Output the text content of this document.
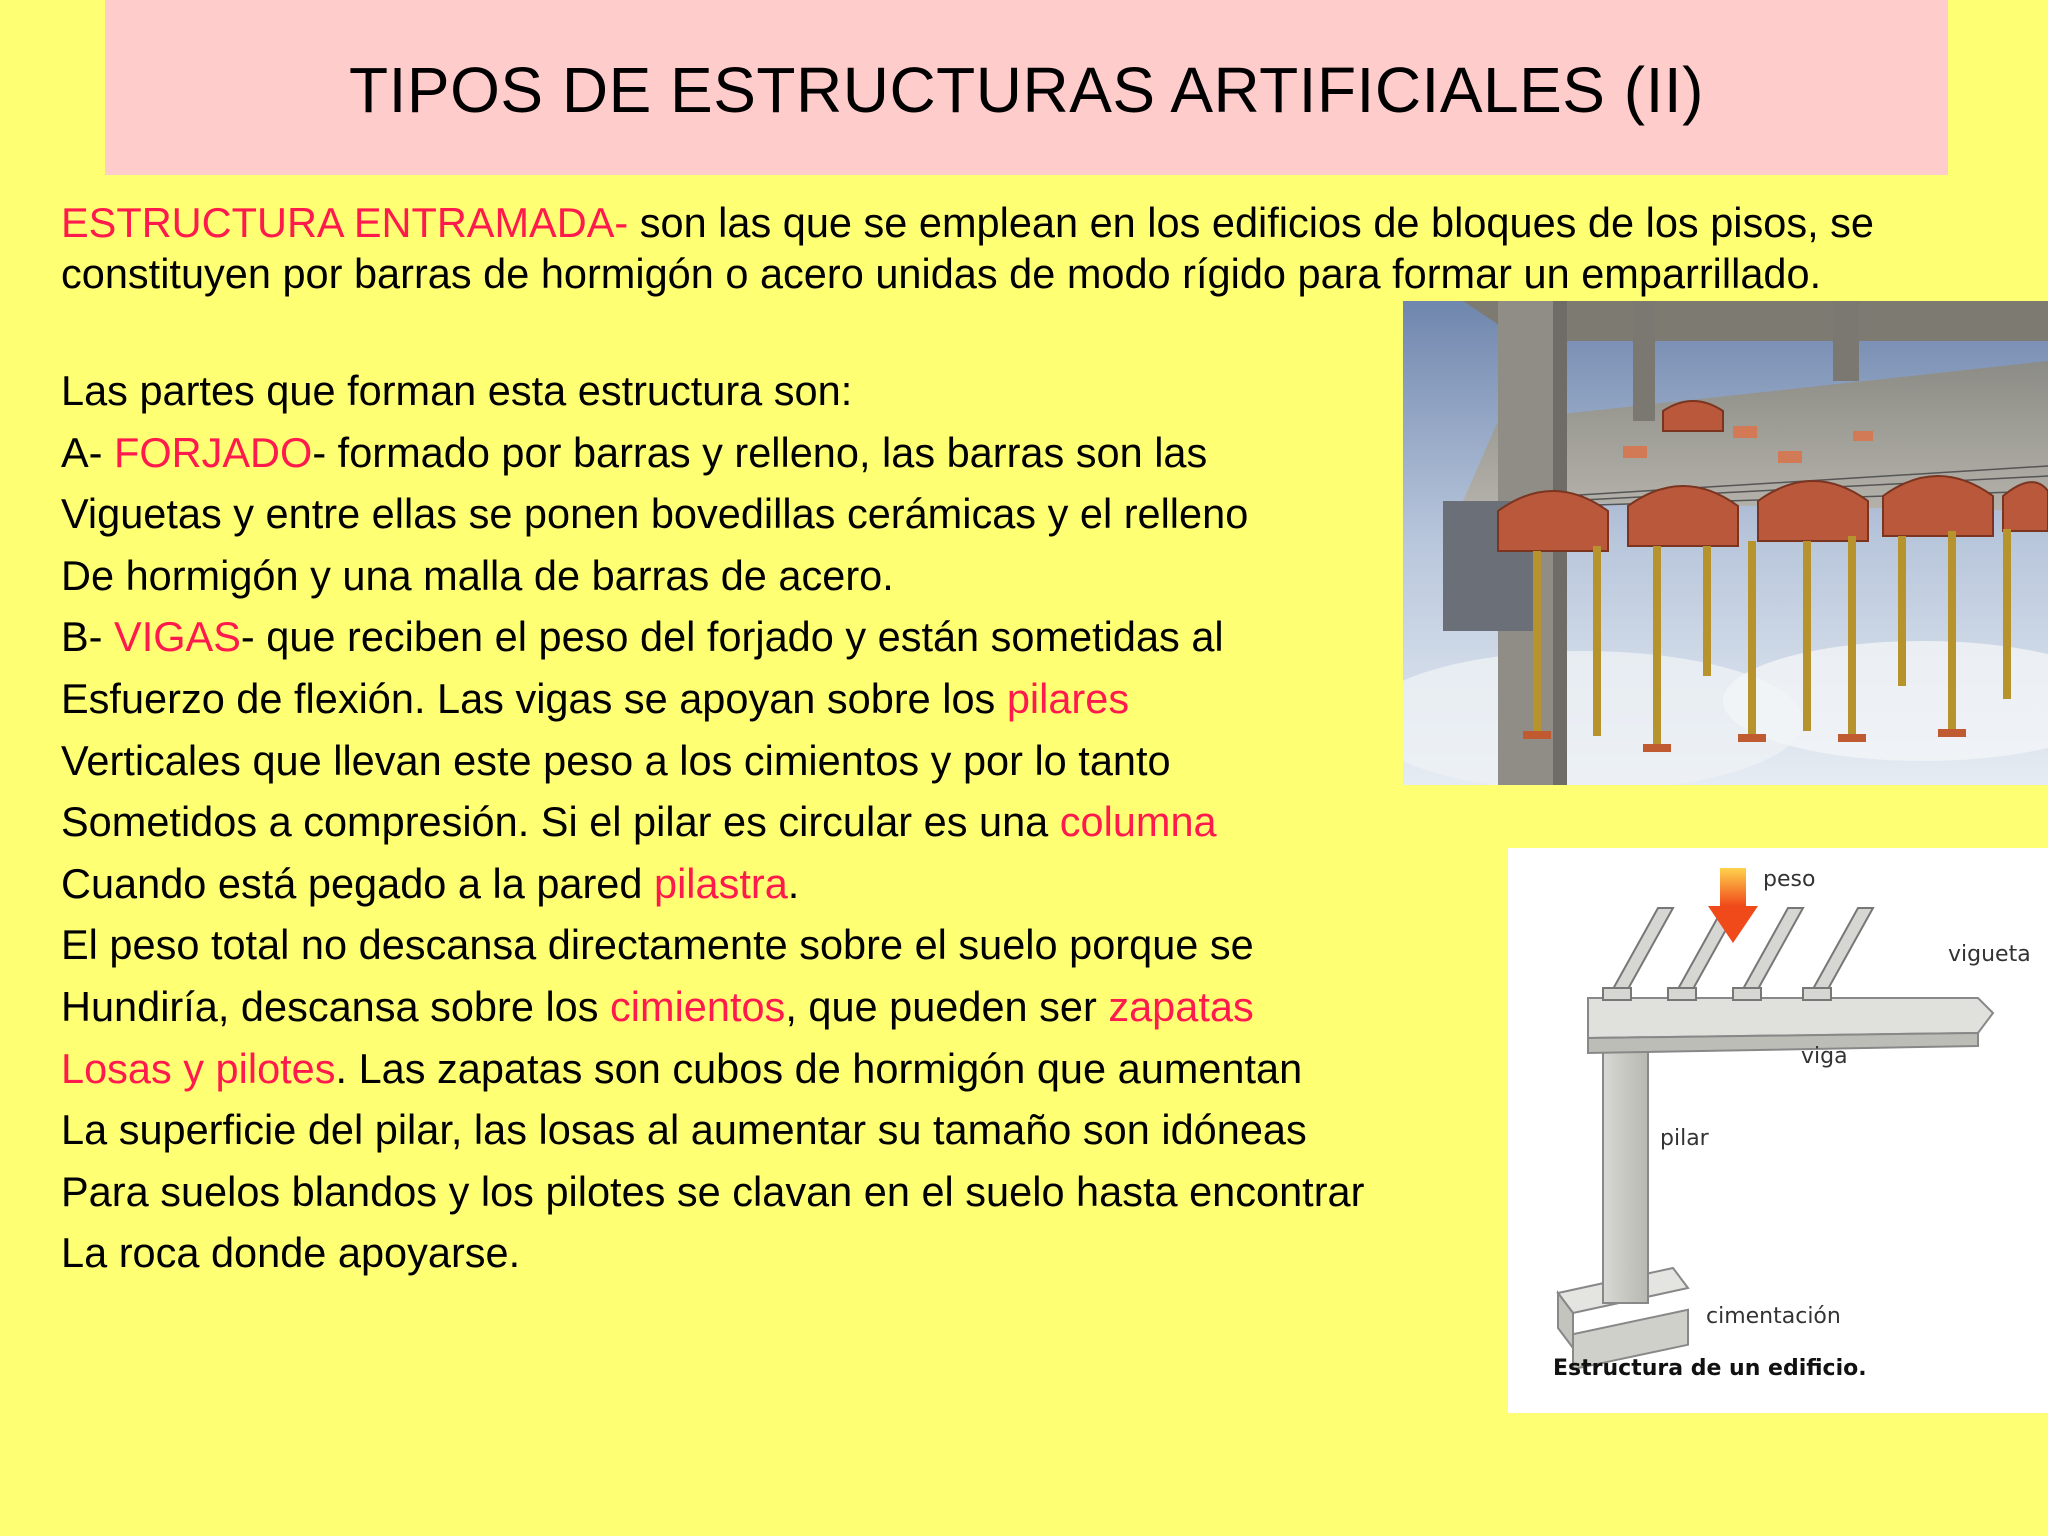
TIPOS DE ESTRUCTURAS ARTIFICIALES (II)
ESTRUCTURA ENTRAMADA- son las que se emplean en los edificios de bloques de los pisos, se constituyen por barras de hormigón o acero unidas de modo rígido para formar un emparrillado.
Las partes que forman esta estructura son:
A- FORJADO- formado por barras y relleno, las barras son las
Viguetas y entre ellas se ponen bovedillas cerámicas y el relleno
De hormigón y una malla de barras de acero.
B- VIGAS- que reciben el peso del forjado y están sometidas al
Esfuerzo de flexión. Las vigas se apoyan sobre los pilares
Verticales que llevan este peso a los cimientos y por lo tanto
Sometidos a compresión. Si el pilar es circular es una columna
Cuando está pegado a la pared pilastra.
El peso total no descansa directamente sobre el suelo porque se
Hundiría, descansa sobre los cimientos, que pueden ser zapatas
Losas y pilotes. Las zapatas son cubos de hormigón que aumentan
La superficie del pilar, las losas al aumentar su tamaño son idóneas
Para suelos blandos y los pilotes se clavan en el suelo hasta encontrar
La roca donde apoyarse.
peso
vigueta
viga
pilar
cimentación
Estructura de un edificio.
